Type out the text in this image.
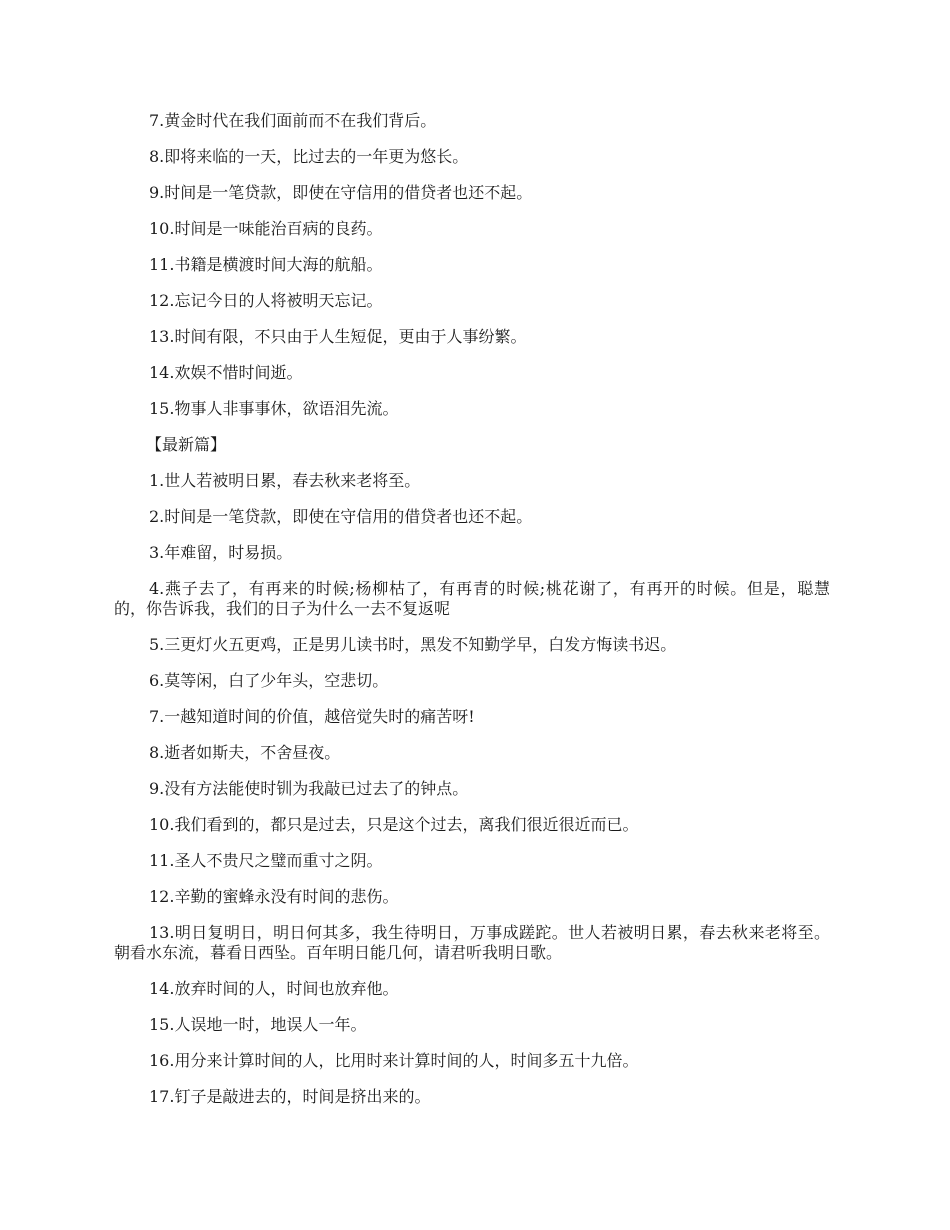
7.黄金时代在我们面前而不在我们背后。

8.即将来临的一天，比过去的一年更为悠长。

9.时间是一笔贷款，即使在守信用的借贷者也还不起。

10.时间是一味能治百病的良药。

11.书籍是横渡时间大海的航船。

12.忘记今日的人将被明天忘记。

13.时间有限，不只由于人生短促，更由于人事纷繁。

14.欢娱不惜时间逝。

15.物事人非事事休，欲语泪先流。

【最新篇】

1.世人若被明日累，春去秋来老将至。

2.时间是一笔贷款，即使在守信用的借贷者也还不起。

3.年难留，时易损。

4.燕子去了，有再来的时候;杨柳枯了，有再青的时候;桃花谢了，有再开的时候。但是，聪慧的，你告诉我，我们的日子为什么一去不复返呢

5.三更灯火五更鸡，正是男儿读书时，黑发不知勤学早，白发方悔读书迟。

6.莫等闲，白了少年头，空悲切。

7.一越知道时间的价值，越倍觉失时的痛苦呀!

8.逝者如斯夫，不舍昼夜。

9.没有方法能使时钏为我敲已过去了的钟点。

10.我们看到的，都只是过去，只是这个过去，离我们很近很近而已。

11.圣人不贵尺之璧而重寸之阴。

12.辛勤的蜜蜂永没有时间的悲伤。

13.明日复明日，明日何其多，我生待明日，万事成蹉跎。世人若被明日累，春去秋来老将至。朝看水东流，暮看日西坠。百年明日能几何，请君听我明日歌。

14.放弃时间的人，时间也放弃他。

15.人误地一时，地误人一年。

16.用分来计算时间的人，比用时来计算时间的人，时间多五十九倍。

17.钉子是敲进去的，时间是挤出来的。
